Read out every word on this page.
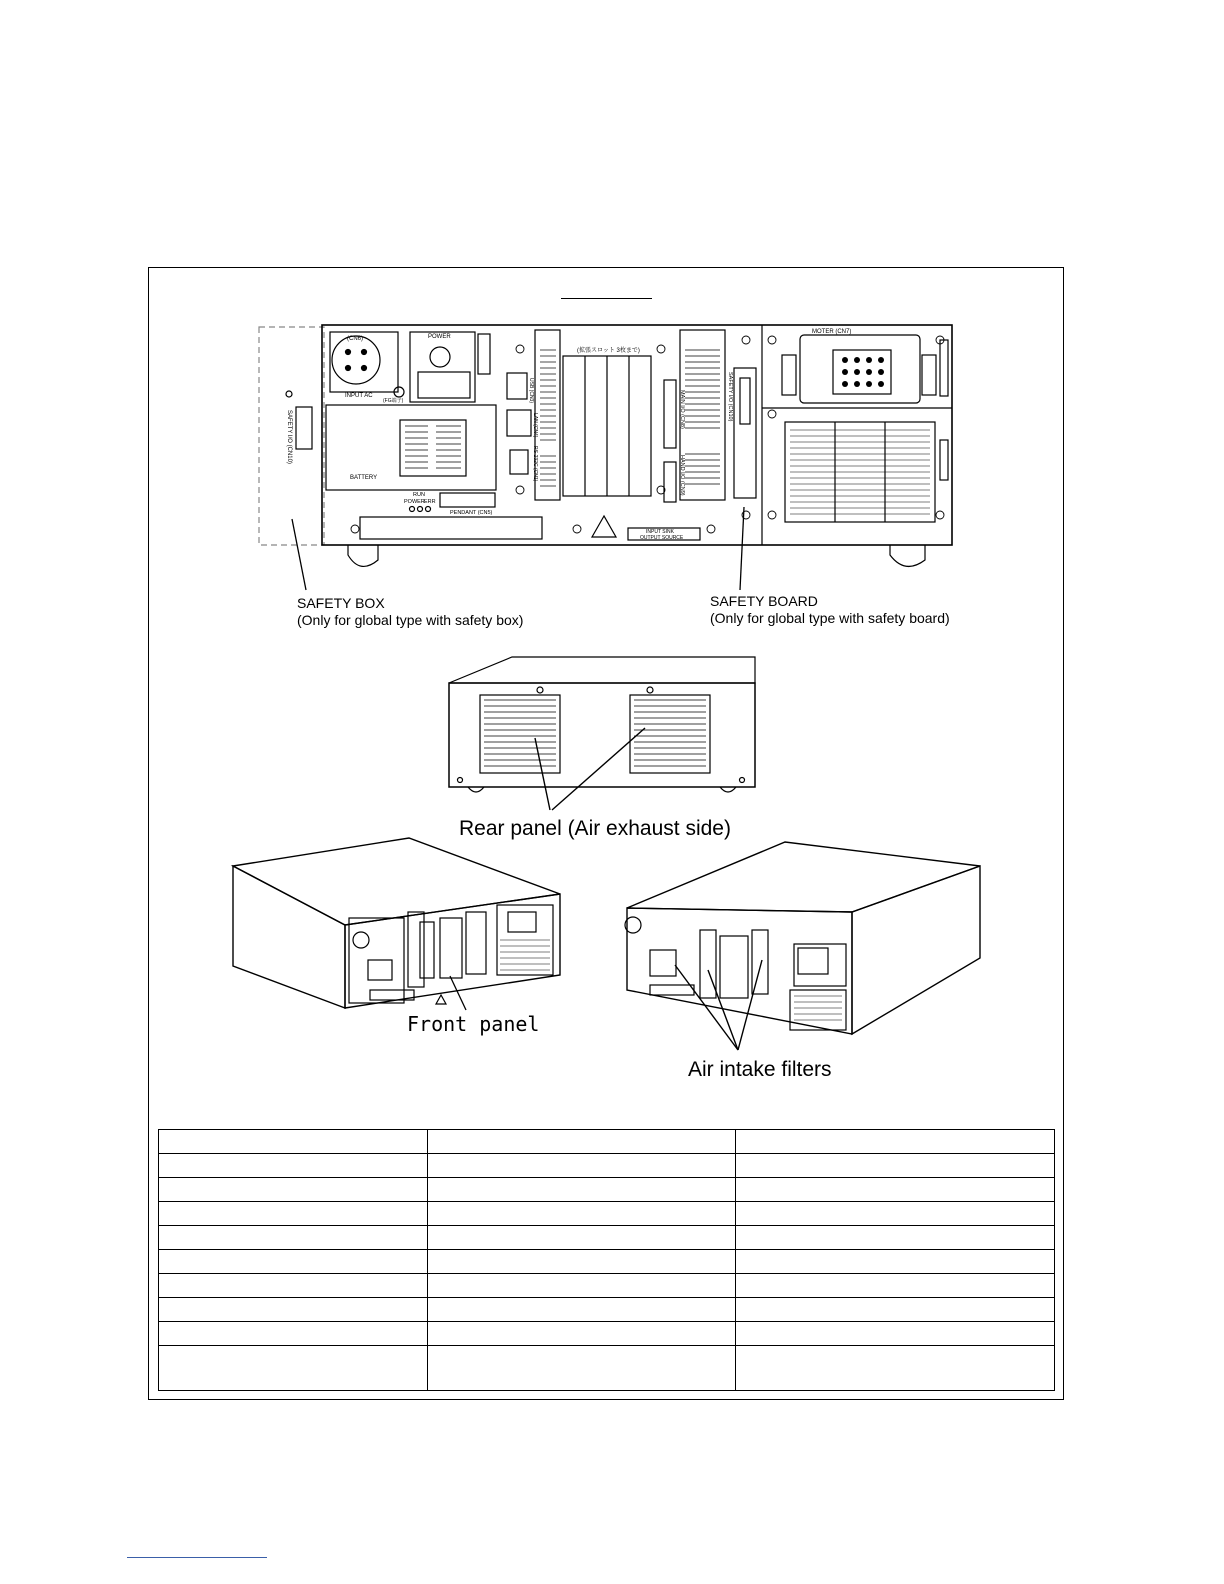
SAFETY I/O (CN10)
(CN6)
INPUT AC
POWER
(FG端子)
BATTERY
RUN
POWER ERR
PENDANT (CN5)
USB (CN3)
LAN (CN4)
RS-232C (CN1)
(拡張スロット 3枚まで)
MAIN I/O (CN8)
HAND I/O (CN9)
SAFETY I/O (CN10)
INPUT SINK
OUTPUT SOURCE
MOTER (CN7)
SAFETY BOX
(Only for global type with safety box)
SAFETY BOARD
(Only for global type with safety board)
Rear panel (Air exhaust side)
Front panel
Air intake filters
